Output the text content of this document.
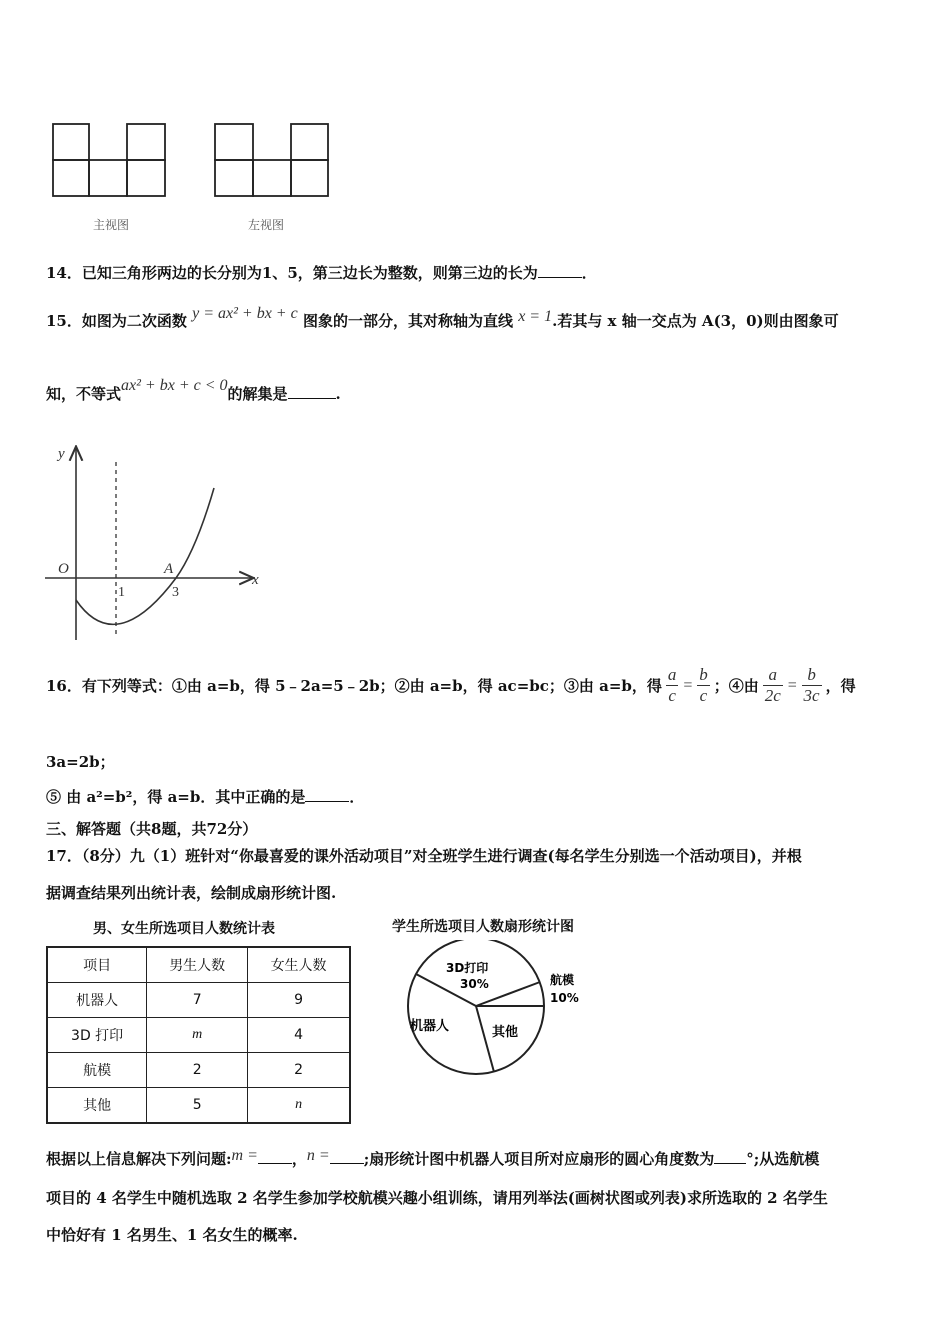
主视图	左视图
14．已知三角形两边的长分别为1、5，第三边长为整数，则第三边的长为	．
15．如图为二次函数 y = ax² + bx + c 图象的一部分，其对称轴为直线 x = 1.若其与 x 轴一交点为 A(3，0)则由图象可
知，不等式ax² + bx + c < 0的解集是	.
y
x
O	A
1	3
16．有下列等式：①由 a=b，得 5﹣2a=5﹣2b；②由 a=b，得 ac=bc；③由 a=b，得 $\frac{a}{c} = \frac{b}{c}$ ；④由 $\frac{a}{2c} = \frac{b}{3c}$ ，得
3a=2b；
⑤ 由 a²=b²，得 a=b．其中正确的是	．
三、解答题（共8题，共72分）
17．（8分）九（1）班针对“你最喜爱的课外活动项目”对全班学生进行调查(每名学生分别选一个活动项目)，并根
据调查结果列出统计表，绘制成扇形统计图.
男、女生所选项目人数统计表
项目	男生人数	女生人数
机器人	7	9
3D 打印	m	4
航模	2	2
其他	5	n
学生所选项目人数扇形统计图
3D打印
30%	航模
10%
其他
机器人
根据以上信息解决下列问题:m = ，n = ;扇形统计图中机器人项目所对应扇形的圆心角度数为 °;从选航模
项目的 4 名学生中随机选取 2 名学生参加学校航模兴趣小组训练，请用列举法(画树状图或列表)求所选取的 2 名学生
中恰好有 1 名男生、1 名女生的概率.
